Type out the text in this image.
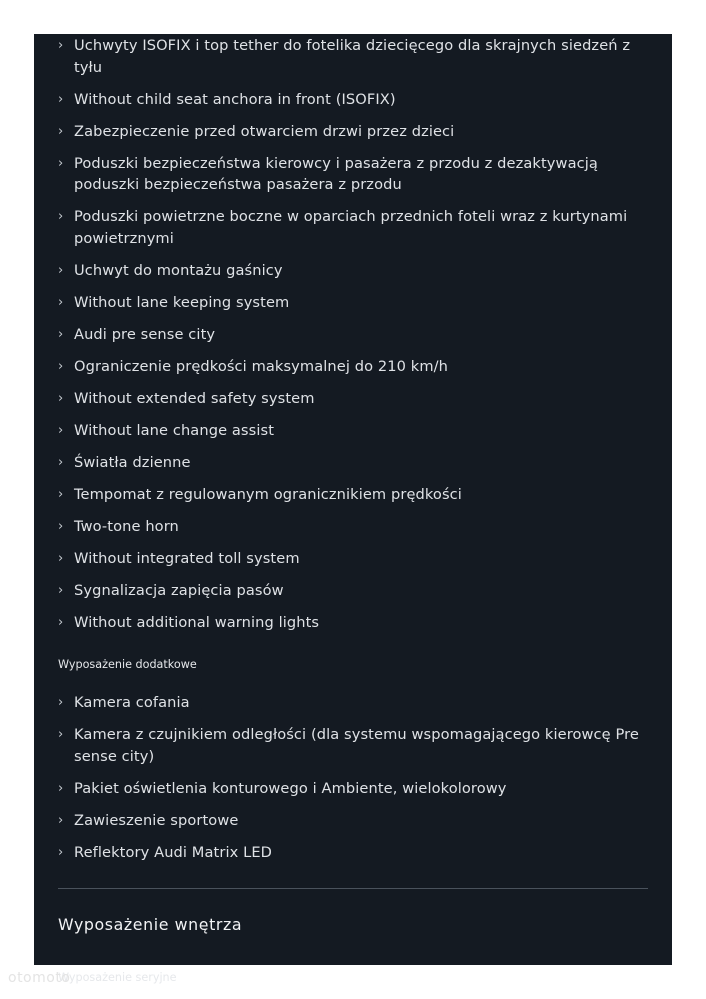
› Uchwyty ISOFIX i top tether do fotelika dziecięcego dla skrajnych siedzeń z tyłu
› Without child seat anchora in front (ISOFIX)
› Zabezpieczenie przed otwarciem drzwi przez dzieci
› Poduszki bezpieczeństwa kierowcy i pasażera z przodu z dezaktywacją poduszki bezpieczeństwa pasażera z przodu
› Poduszki powietrzne boczne w oparciach przednich foteli wraz z kurtynami powietrznymi
› Uchwyt do montażu gaśnicy
› Without lane keeping system
› Audi pre sense city
› Ograniczenie prędkości maksymalnej do 210 km/h
› Without extended safety system
› Without lane change assist
› Światła dzienne
› Tempomat z regulowanym ogranicznikiem prędkości
› Two-tone horn
› Without integrated toll system
› Sygnalizacja zapięcia pasów
› Without additional warning lights

Wyposażenie dodatkowe

› Kamera cofania
› Kamera z czujnikiem odległości (dla systemu wspomagającego kierowcę Pre sense city)
› Pakiet oświetlenia konturowego i Ambiente, wielokolorowy
› Zawieszenie sportowe
› Reflektory Audi Matrix LED
Wyposażenie wnętrza

Wyposażenie seryjne

otomoto
